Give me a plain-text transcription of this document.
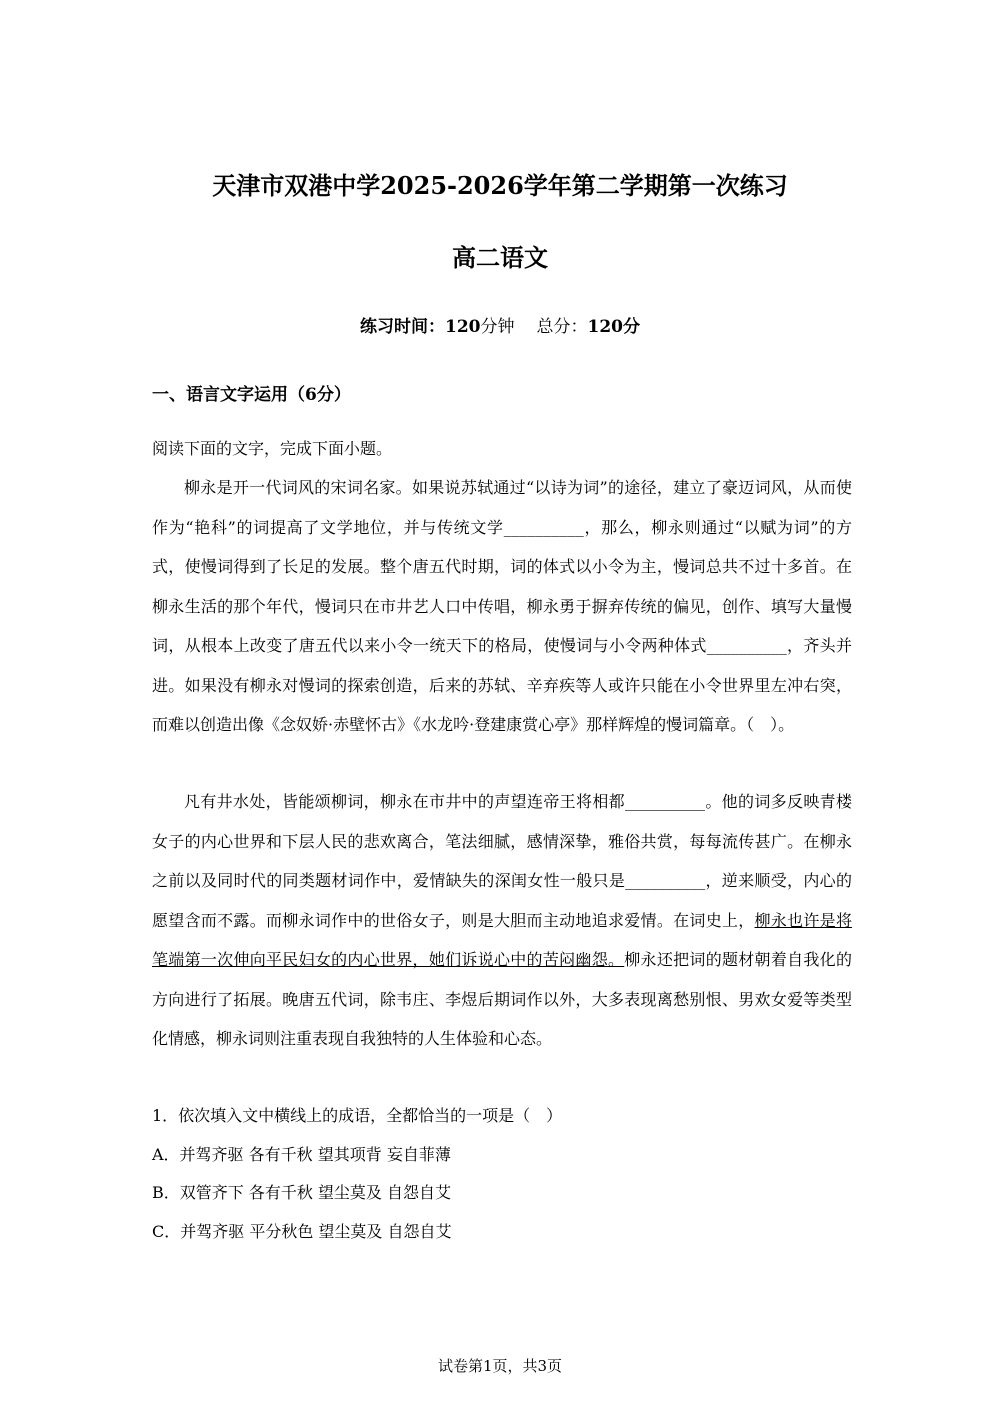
天津市双港中学2025-2026学年第二学期第一次练习
高二语文
练习时间：120分钟 总分：120分
一、语言文字运用（6分）
阅读下面的文字，完成下面小题。
柳永是开一代词风的宋词名家。如果说苏轼通过“以诗为词”的途径，建立了豪迈词风，从而使作为“艳科”的词提高了文学地位，并与传统文学__________，那么，柳永则通过“以赋为词”的方式，使慢词得到了长足的发展。整个唐五代时期，词的体式以小令为主，慢词总共不过十多首。在柳永生活的那个年代，慢词只在市井艺人口中传唱，柳永勇于摒弃传统的偏见，创作、填写大量慢词，从根本上改变了唐五代以来小令一统天下的格局，使慢词与小令两种体式__________，齐头并进。如果没有柳永对慢词的探索创造，后来的苏轼、辛弃疾等人或许只能在小令世界里左冲右突，而难以创造出像《念奴娇·赤壁怀古》《水龙吟·登建康赏心亭》那样辉煌的慢词篇章。（　）。
凡有井水处，皆能颂柳词，柳永在市井中的声望连帝王将相都__________。他的词多反映青楼女子的内心世界和下层人民的悲欢离合，笔法细腻，感情深挚，雅俗共赏，每每流传甚广。在柳永之前以及同时代的同类题材词作中，爱情缺失的深闺女性一般只是__________，逆来顺受，内心的愿望含而不露。而柳永词作中的世俗女子，则是大胆而主动地追求爱情。在词史上，柳永也许是将笔端第一次伸向平民妇女的内心世界，她们诉说心中的苦闷幽怨。柳永还把词的题材朝着自我化的方向进行了拓展。晚唐五代词，除韦庄、李煜后期词作以外，大多表现离愁别恨、男欢女爱等类型化情感，柳永词则注重表现自我独特的人生体验和心态。
1．依次填入文中横线上的成语，全都恰当的一项是（　）
A．并驾齐驱 各有千秋 望其项背 妄自菲薄
B．双管齐下 各有千秋 望尘莫及 自怨自艾
C．并驾齐驱 平分秋色 望尘莫及 自怨自艾
试卷第1页，共3页
